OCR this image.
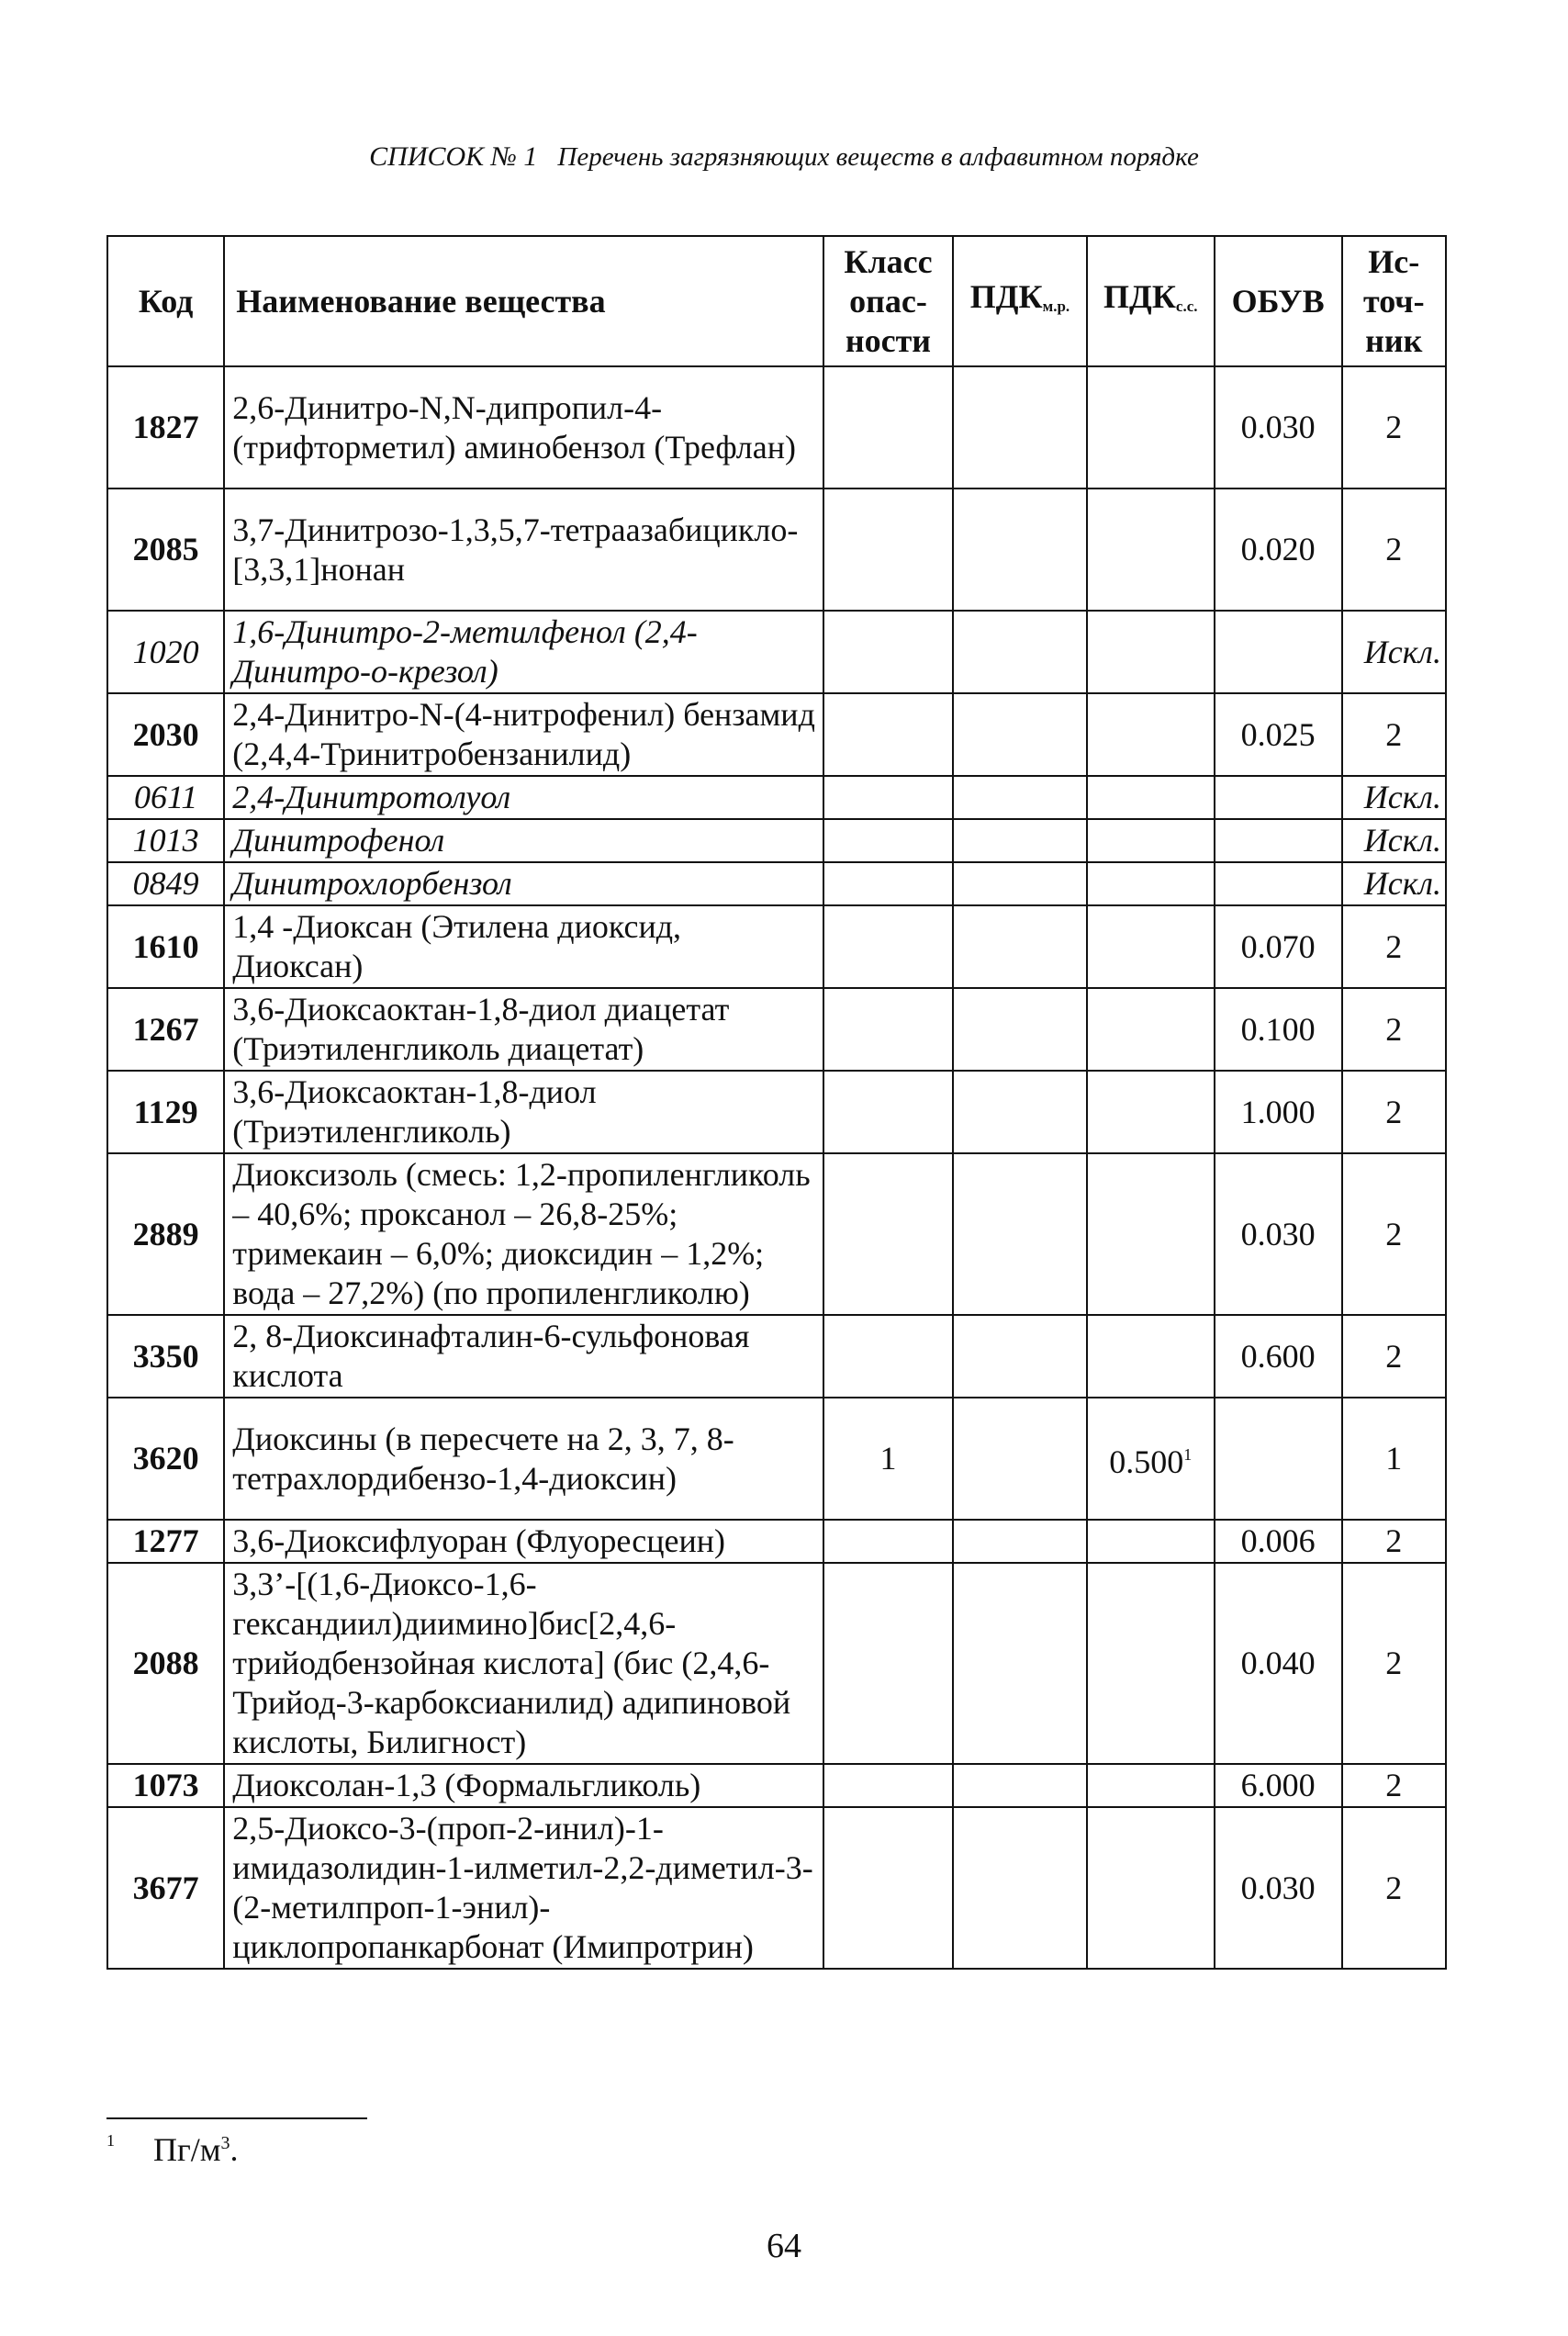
СПИСОК № 1 Перечень загрязняющих веществ в алфавитном порядке
Код	Наименование вещества	Класс опас-ности	$ПДК_{м.р.}$	$ПДК_{с.с.}$	ОБУВ	Ис-точ-ник
1827	2,6-Динитро-N,N-дипропил-4-(трифторметил) аминобензол (Трефлан)				0.030	2
2085	3,7-Динитрозо-1,3,5,7-тетраазабицикло-[3,3,1]нонан				0.020	2
1020	1,6-Динитро-2-метилфенол (2,4-Динитро-о-крезол)					Искл.
2030	2,4-Динитро-N-(4-нитрофенил) бензамид (2,4,4-Тринитробензанилид)				0.025	2
0611	2,4-Динитротолуол					Искл.
1013	Динитрофенол					Искл.
0849	Динитрохлорбензол					Искл.
1610	1,4 -Диоксан (Этилена диоксид, Диоксан)				0.070	2
1267	3,6-Диоксаоктан-1,8-диол диацетат (Триэтиленгликоль диацетат)				0.100	2
1129	3,6-Диоксаоктан-1,8-диол (Триэтиленгликоль)				1.000	2
2889	Диоксизоль (смесь: 1,2-пропиленгликоль – 40,6%; проксанол – 26,8-25%; тримекаин – 6,0%; диоксидин – 1,2%; вода – 27,2%) (по пропиленгликолю)				0.030	2
3350	2, 8-Диоксинафталин-6-сульфоновая кислота				0.600	2
3620	Диоксины (в пересчете на 2, 3, 7, 8-тетрахлордибензо-1,4-диоксин)	1		0.500$^1$		1
1277	3,6-Диоксифлуоран (Флуоресцеин)				0.006	2
2088	3,3’-[(1,6-Диоксо-1,6-гександиил)диимино]бис[2,4,6-трийодбензойная кислота] (бис (2,4,6-Трийод-3-карбоксианилид) адипиновой кислоты, Билигност)				0.040	2
1073	Диоксолан-1,3 (Формальгликоль)				6.000	2
3677	2,5-Диоксо-3-(проп-2-инил)-1-имидазолидин-1-илметил-2,2-диметил-3-(2-метилпроп-1-энил)-циклопропанкарбонат (Имипротрин)				0.030	2
$^1$ $Пг/м^3$.
64
